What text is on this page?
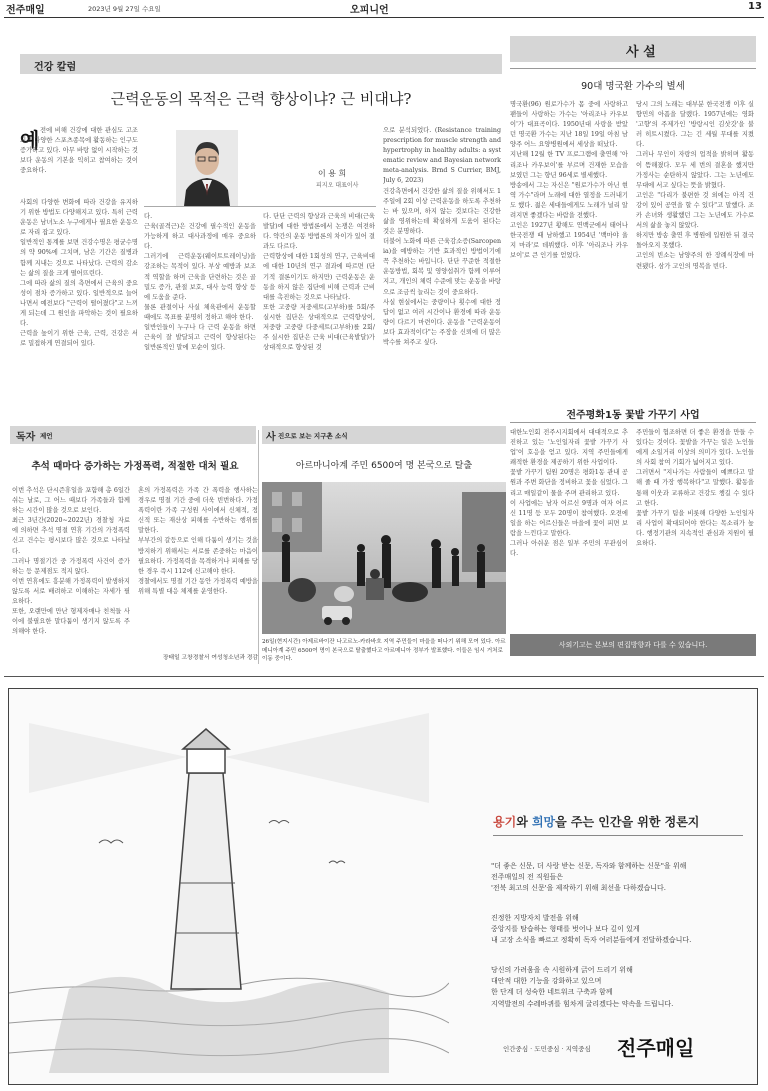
전주매일	2023년 9월 27일 수요일	오피니언	13
건강 칼럼
근력운동의 목적은 근력 향상이냐? 근 비대냐?
예 전에 비해 건강에 대한 관심도 고조되고 다양한 스포츠종목에 활동하는 인구도 증가하고 있다. 아무 바탕 없이 시작하는 것보다 운동의 기본을 익히고 참여하는 것이 중요하다.
사회의 다양한 변화에 따라 건강을 유지하기 위한 방법도 다양해지고 있다. 특히 근력운동은 남녀노소 누구에게나 필요한 운동으로 자리 잡고 있다.
일반적인 통계를 보면 건강수명은 평균수명의 약 90%에 그치며, 남은 기간은 질병과 함께 지내는 것으로 나타났다. 근력의 감소는 삶의 질을 크게 떨어뜨린다.
그에 따라 삶의 질의 측면에서 근육의 중요성이 점차 증가하고 있다. 일반적으로 늘어나면서 예전보다 "근력이 떨어졌다"고 느끼게 되는데 그 원인을 파악하는 것이 필요하다.
근력을 높이기 위한 근육, 근력, 건강은 서로 밀접하게 연결되어 있다.
이 용 희
피지오 대표이사
다.
근육(골격근)은 건강에 필수적인 운동을 가능하게 하고 대사과정에 매우 중요하다.
그러기에 근력운동(웨이트트레이닝)을 강조하는 목적이 있다. 부상 예방과 보조적 역할을 하며 근육을 단련하는 것은 골밀도 증가, 관절 보호, 대사 능력 향상 등에 도움을 준다.
물론 관절이나 사실 체육관에서 운동할 때에도 목표를 분명히 정하고 해야 한다.
일반인들이 누구나 다 근력 운동을 하면 근육이 잘 발달되고 근력이 향상된다는 일반론적인 말에 모순이 있다.
다. 단단 근력의 향상과 근육의 비대(근육발달)에 대한 방법론에서 논쟁은 여전하다. 약간의 운동 방법론의 차이가 있어 결과도 다르다.
근력향상에 대한 1회성의 연구, 근육비대에 대한 10년의 연구 결과에 따르면 (단기적 결론이기도 하지만) 근력운동은 운동을 하지 않은 집단에 비해 근력과 근비대를 촉진하는 것으로 나타났다.
또한 고중량 저중세트(고부하)를 5회/주 실시한 집단은 상대적으로 근력향상이, 저중량 고중량 다중세트(고부하)를 2회/주 실시한 집단은 근육 비대(근육발달)가 상대적으로 향상된 것
으로 분석되었다. (Resistance training prescription for muscle strength and hypertrophy in healthy adults: a systematic review and Bayesian network meta-analysis. Brnd S Currier, BMJ, July 6, 2023)
건강측면에서 건강한 삶의 질을 위해서도 1주일에 2회 이상 근력운동을 하도록 추천하는 바 있으며, 하지 않는 것보다는 건강한 삶을 영위하는데 확실하게 도움이 된다는 것은 분명하다.
더불어 노화에 따른 근육감소증(Sarcopenia)을 예방하는 기반 효과적인 방법이기에 꼭 추천하는 바입니다. 단단 꾸준한 적절한 운동방법, 회복 및 영양섭취가 함께 이루어지고, 개인의 체력 수준에 맞는 운동을 바탕으로 조금씩 늘리는 것이 중요하다.
사실 현실에서는 중량이나 횟수에 대한 정답이 없고 여러 시간이나 환경에 따라 운동량이 다르기 마련이다. 운동을 "근력운동이 보다 효과적이다"는 주장을 신뢰에 더 많은 박수를 쳐주고 싶다.
사 설
90대 명국환 가수의 별세
명국환(96) 원로가수가 몸 중에 사랑하고 팬들이 사랑하는 가수는 '아리조나 카우보이'가 대표곡이다. 1950년대 사랑을 받았던 명국환 가수는 지난 18일 19일 아침 남양주 어느 요양병원에서 세상을 떠났다.
지난해 12월 한 TV 프로그램에 출연해 '아리조나 카우보이'를 부르며 건재한 모습을 보였던 그는 향년 96세로 별세했다.
방송에서 그는 자신은 "원로가수가 아닌 현역 가수"라며 노래에 대한 열정을 드러내기도 했다. 젊은 세대들에게도 노래가 널리 알려지면 좋겠다는 바람을 전했다.
고인은 1927년 황해도 연백군에서 태어나 한국전쟁 때 남하했고 1954년 '백마야 울지 마라'로 데뷔했다. 이후 '아리조나 카우보이'로 큰 인기를 얻었다.
당시 그의 노래는 대부분 한국전쟁 이후 실향민의 아픔을 달랬다. 1957년에는 영화 '고향'의 주제가인 '방랑시인 김삿갓'을 불러 히트시켰다. 그는 긴 세월 무대를 지켰다.
그러나 무인이 자랑의 업적을 밝히며 활동이 뜸해졌다. 모두 세 번의 결혼을 했지만 가정사는 순탄하지 않았다. 그는 노년에도 무대에 서고 싶다는 뜻을 밝혔다.
고인은 "다리가 불편한 것 외에는 아직 건강이 있어 공연을 할 수 있다"고 말했다. 조카 손녀와 생활했던 그는 노년에도 가수로서의 삶을 놓지 않았다.
하지만 방송 출연 후 병원에 입원한 뒤 결국 돌아오지 못했다.
고인의 빈소는 남양주의 한 장례식장에 마련됐다. 삼가 고인의 명복을 빈다.
전주평화1동 꽃밭 가꾸기 사업
대한노인회 전주시지회에서 대대적으로 추진하고 있는 '노인일자리 꽃밭 가꾸기 사업'이 호응을 얻고 있다. 지역 주민들에게 쾌적한 환경을 제공하기 위한 사업이다.
꽃밭 가꾸기 팀원 20명은 평화1동 관내 공원과 주변 화단을 정비하고 꽃을 심었다. 그리고 매일같이 물을 주며 관리하고 있다.
이 사업에는 남자 어르신 9명과 여자 어르신 11명 등 모두 20명이 참여했다. 오전에 일을 하는 어르신들은 마을에 꽃이 피면 보람을 느낀다고 말한다.
그러나 아쉬운 점은 일부 주민의 무관심이다.
주민들이 협조하면 더 좋은 환경을 만들 수 있다는 것이다. 꽃밭을 가꾸는 일은 노인들에게 소일거리 이상의 의미가 있다. 노인들의 사회 참여 기회가 넓어지고 있다.
그러면서 "지나가는 사람들이 예쁘다고 말해 줄 때 가장 행복하다"고 말했다. 활동을 통해 이웃과 교류하고 건강도 챙길 수 있다고 한다.
꽃밭 가꾸기 팀을 비롯해 다양한 노인일자리 사업이 확대되어야 한다는 목소리가 높다. 행정기관의 지속적인 관심과 지원이 필요하다.
사외기고는 본보의 편집방향과 다를 수 있습니다.
독자 제언
추석 때마다 증가하는 가정폭력, 적절한 대처 필요
이번 추석은 단시즌휴일을 포함해 총 6일간 쉬는 날로, 그 어느 때보다 가족들과 함께 하는 시간이 많을 것으로 보인다.
최근 3년간(2020~2022년) 경찰청 자료에 의하면 추석 명절 연휴 기간의 가정폭력 신고 건수는 평시보다 많은 것으로 나타났다.
그러나 명절기간 중 가정폭력 사건이 증가하는 등 문제점도 적지 않다.
이번 연휴에도 흥분해 가정폭력이 발생하지 않도록 서로 배려하고 이해하는 자세가 필요하다.
또한, 오랜만에 만난 형제자매나 친척들 사이에 불필요한 말다툼이 생기지 않도록 주의해야 한다.
혼의 가정폭력은 가족 간 폭력을 행사하는 경우로 명절 기간 중에 더욱 빈번하다. 가정폭력이란 가족 구성원 사이에서 신체적, 정신적 또는 재산상 피해를 수반하는 행위를 말한다.
부부간의 갈등으로 인해 다툼이 생기는 것을 방지하기 위해서는 서로를 존중하는 마음이 필요하다. 가정폭력을 목격하거나 피해를 당한 경우 즉시 112에 신고해야 한다.
경찰에서도 명절 기간 동안 가정폭력 예방을 위해 특별 대응 체제를 운영한다.
장태일 고창경찰서 여성청소년과 경감
사 진으로 보는 지구촌 소식
아르마니아계 주민 6500여 명 본국으로 탈출
26일(현지시간) 아제르바이잔 나고르노-카라바흐 지역 주민들이 마을을 떠나기 위해 모여 있다. 아르메니아계 주민 6500여 명이 본국으로 탈출했다고 아르메니아 정부가 발표했다. 이들은 임시 거처로 이동 중이다.
용기와 희망을 주는 인간을 위한 정론지
"더 좋은 신문, 더 사랑 받는 신문, 독자와 함께하는 신문"을 위해
전주매일의 전 직원들은
'전북 최고의 신문'을 제작하기 위해 최선을 다하겠습니다.
진정한 지방자치 발전을 위해
중앙지를 탐습하는 형태를 벗어나 보다 깊이 있게
내 고장 소식을 빠르고 정확히 독자 여러분들에게 전달하겠습니다.
당신의 가려움을 속 시원하게 긁어 드리기 위해
대안적 대한 기능을 강화하고 있으며
한 단계 더 성숙한 네트워크 구축과 함께
지역발전의 수레바퀴를 힘차게 굴리겠다는 약속을 드립니다.
인간중심 · 도민중심 · 지역중심 전주매일
